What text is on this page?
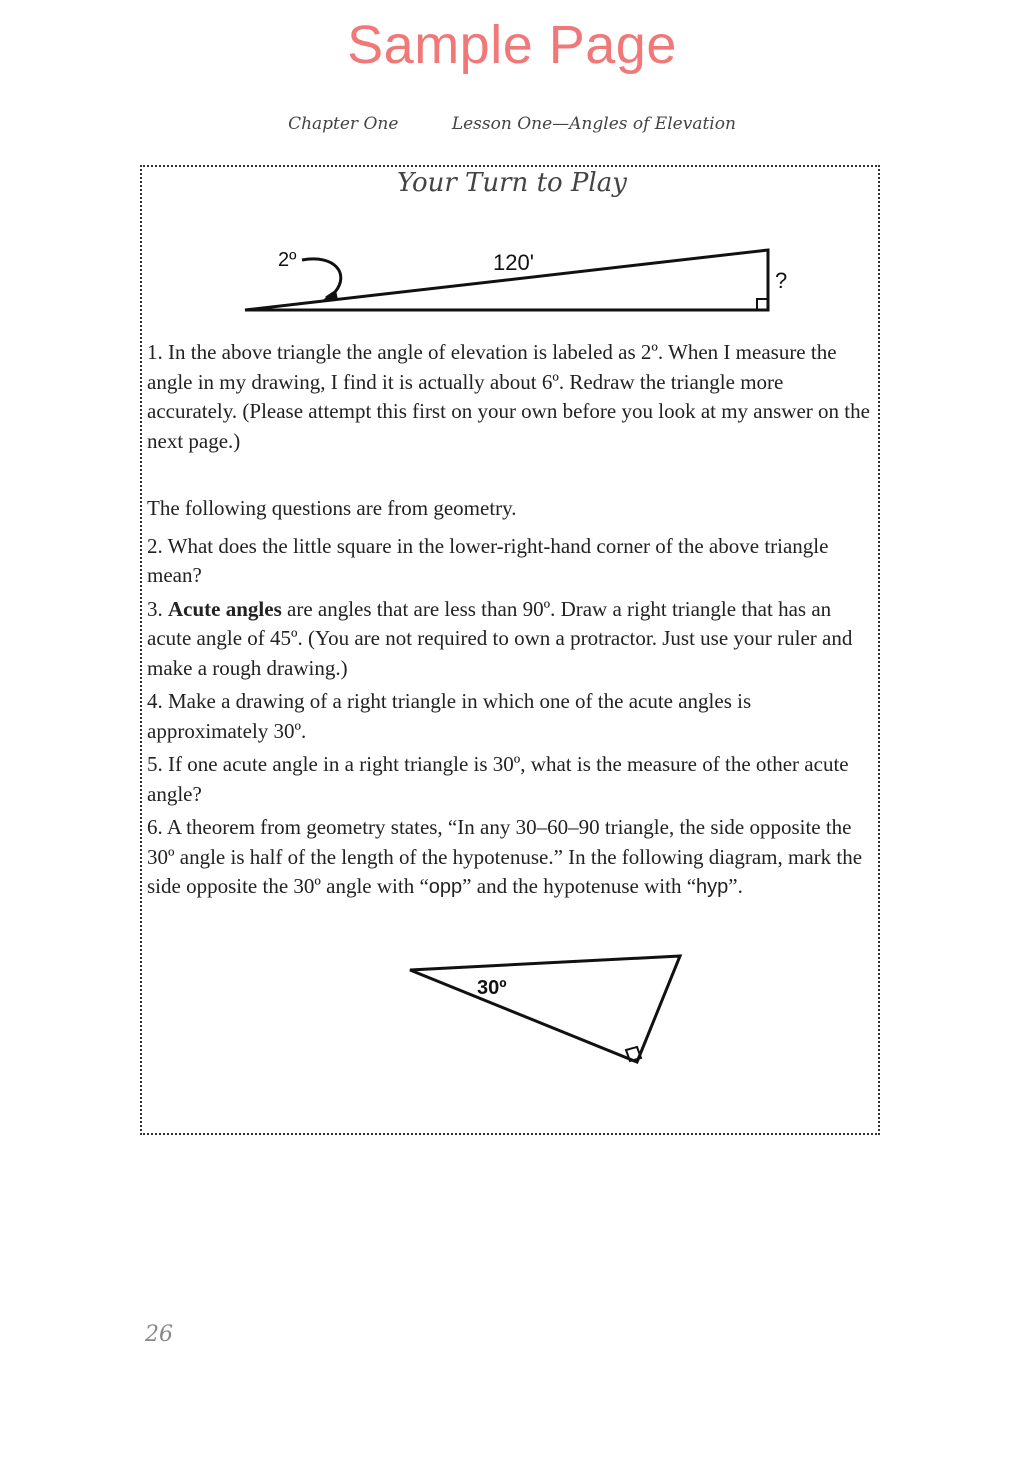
Sample Page
Chapter One	Lesson One—Angles of Elevation
Your Turn to Play
2º	120'
?

1. In the above triangle the angle of elevation is labeled as 2º. When I measure the angle in my drawing, I find it is actually about 6º. Redraw the triangle more accurately. (Please attempt this first on your own before you look at my answer on the next page.)

The following questions are from geometry.

2. What does the little square in the lower-right-hand corner of the above triangle mean?

3. Acute angles are angles that are less than 90º. Draw a right triangle that has an acute angle of 45º. (You are not required to own a protractor. Just use your ruler and make a rough drawing.)

4. Make a drawing of a right triangle in which one of the acute angles is approximately 30º.

5. If one acute angle in a right triangle is 30º, what is the measure of the other acute angle?

6. A theorem from geometry states, “In any 30–60–90 triangle, the side opposite the 30º angle is half of the length of the hypotenuse.” In the following diagram, mark the side opposite the 30º angle with “opp” and the hypotenuse with “hyp”.

30º
26
